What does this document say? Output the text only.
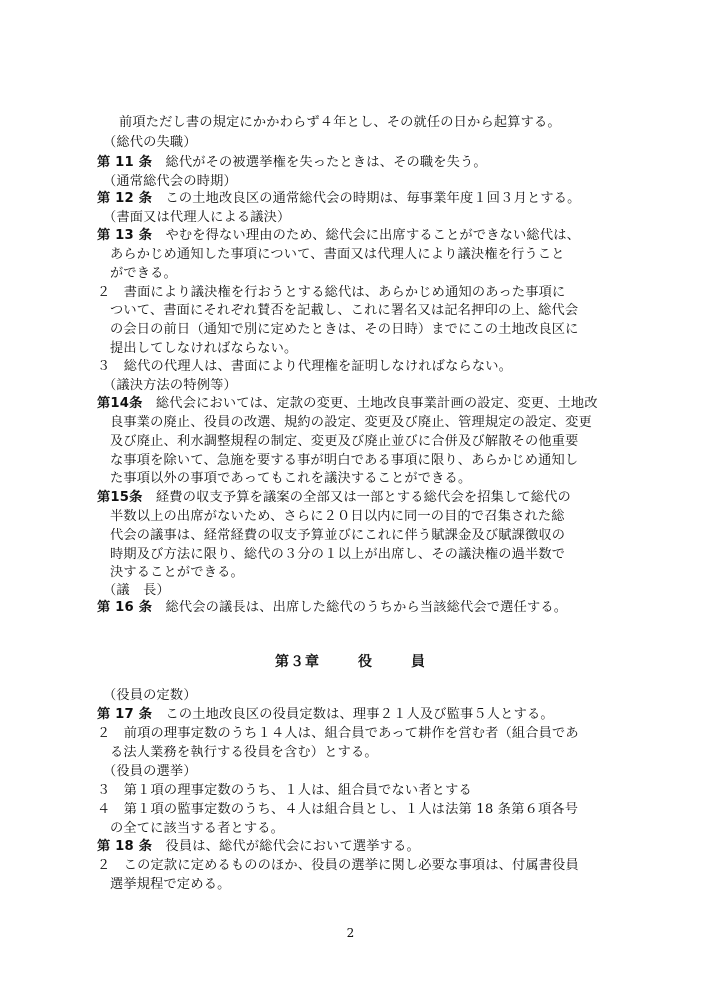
前項ただし書の規定にかかわらず４年とし、その就任の日から起算する。
（総代の失職）
第 11 条　 総代がその被選挙権を失ったときは、その職を失う。
（通常総代会の時期）
第 12 条　 この土地改良区の通常総代会の時期は、毎事業年度１回３月とする。
（書面又は代理人による議決）
第 13 条　 やむを得ない理由のため、総代会に出席することができない総代は、
あらかじめ通知した事項について、書面又は代理人により議決権を行うこと
ができる。
２　書面により議決権を行おうとする総代は、あらかじめ通知のあった事項に
ついて、書面にそれぞれ賛否を記載し、これに署名又は記名押印の上、総代会
の会日の前日（通知で別に定めたときは、その日時）までにこの土地改良区に
提出してしなければならない。
３　総代の代理人は、書面により代理権を証明しなければならない。
（議決方法の特例等）
第14条　 総代会においては、定款の変更、土地改良事業計画の設定、変更、土地改
良事業の廃止、役員の改選、規約の設定、変更及び廃止、管理規定の設定、変更
及び廃止、利水調整規程の制定、変更及び廃止並びに合併及び解散その他重要
な事項を除いて、急施を要する事が明白である事項に限り、あらかじめ通知し
た事項以外の事項であってもこれを議決することができる。
第15条　 経費の収支予算を議案の全部又は一部とする総代会を招集して総代の
半数以上の出席がないため、さらに２０日以内に同一の目的で召集された総
代会の議事は、経常経費の収支予算並びにこれに伴う賦課金及び賦課徴収の
時期及び方法に限り、総代の３分の１以上が出席し、その議決権の過半数で
決することができる。
（議　長）
第 16 条　 総代会の議長は、出席した総代のうちから当該総代会で選任する。
第３章	役	員
（役員の定数）
第 17 条　 この土地改良区の役員定数は、理事２１人及び監事５人とする。
２　前項の理事定数のうち１４人は、組合員であって耕作を営む者（組合員であ
る法人業務を執行する役員を含む）とする。
（役員の選挙）
３　第１項の理事定数のうち、１人は、組合員でない者とする
４　第１項の監事定数のうち、４人は組合員とし、１人は法第 18 条第６項各号
の全てに該当する者とする。
第 18 条　 役員は、総代が総代会において選挙する。
２　この定款に定めるもののほか、役員の選挙に関し必要な事項は、付属書役員
選挙規程で定める。
2
